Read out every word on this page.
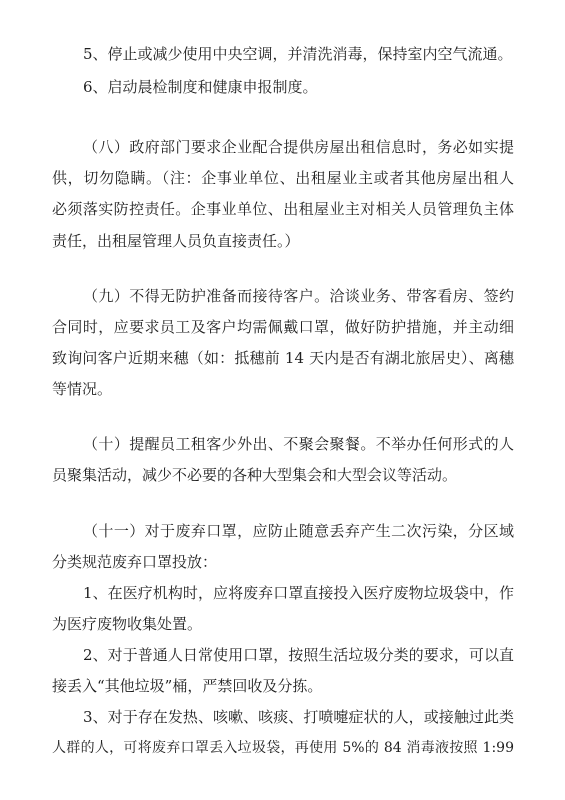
5、停止或减少使用中央空调，并清洗消毒，保持室内空气流通。
6、启动晨检制度和健康申报制度。
（八）政府部门要求企业配合提供房屋出租信息时，务必如实提
供，切勿隐瞒。（注：企事业单位、出租屋业主或者其他房屋出租人
必须落实防控责任。企事业单位、出租屋业主对相关人员管理负主体
责任，出租屋管理人员负直接责任。）
（九）不得无防护准备而接待客户。洽谈业务、带客看房、签约
合同时，应要求员工及客户均需佩戴口罩，做好防护措施，并主动细
致询问客户近期来穗（如：抵穗前 14 天内是否有湖北旅居史）、离穗
等情况。
（十）提醒员工租客少外出、不聚会聚餐。不举办任何形式的人
员聚集活动，减少不必要的各种大型集会和大型会议等活动。
（十一）对于废弃口罩，应防止随意丢弃产生二次污染，分区域
分类规范废弃口罩投放：
1、在医疗机构时，应将废弃口罩直接投入医疗废物垃圾袋中，作
为医疗废物收集处置。
2、对于普通人日常使用口罩，按照生活垃圾分类的要求，可以直
接丢入“其他垃圾”桶，严禁回收及分拣。
3、对于存在发热、咳嗽、咳痰、打喷嚏症状的人，或接触过此类
人群的人，可将废弃口罩丢入垃圾袋，再使用 5%的 84 消毒液按照 1:99
